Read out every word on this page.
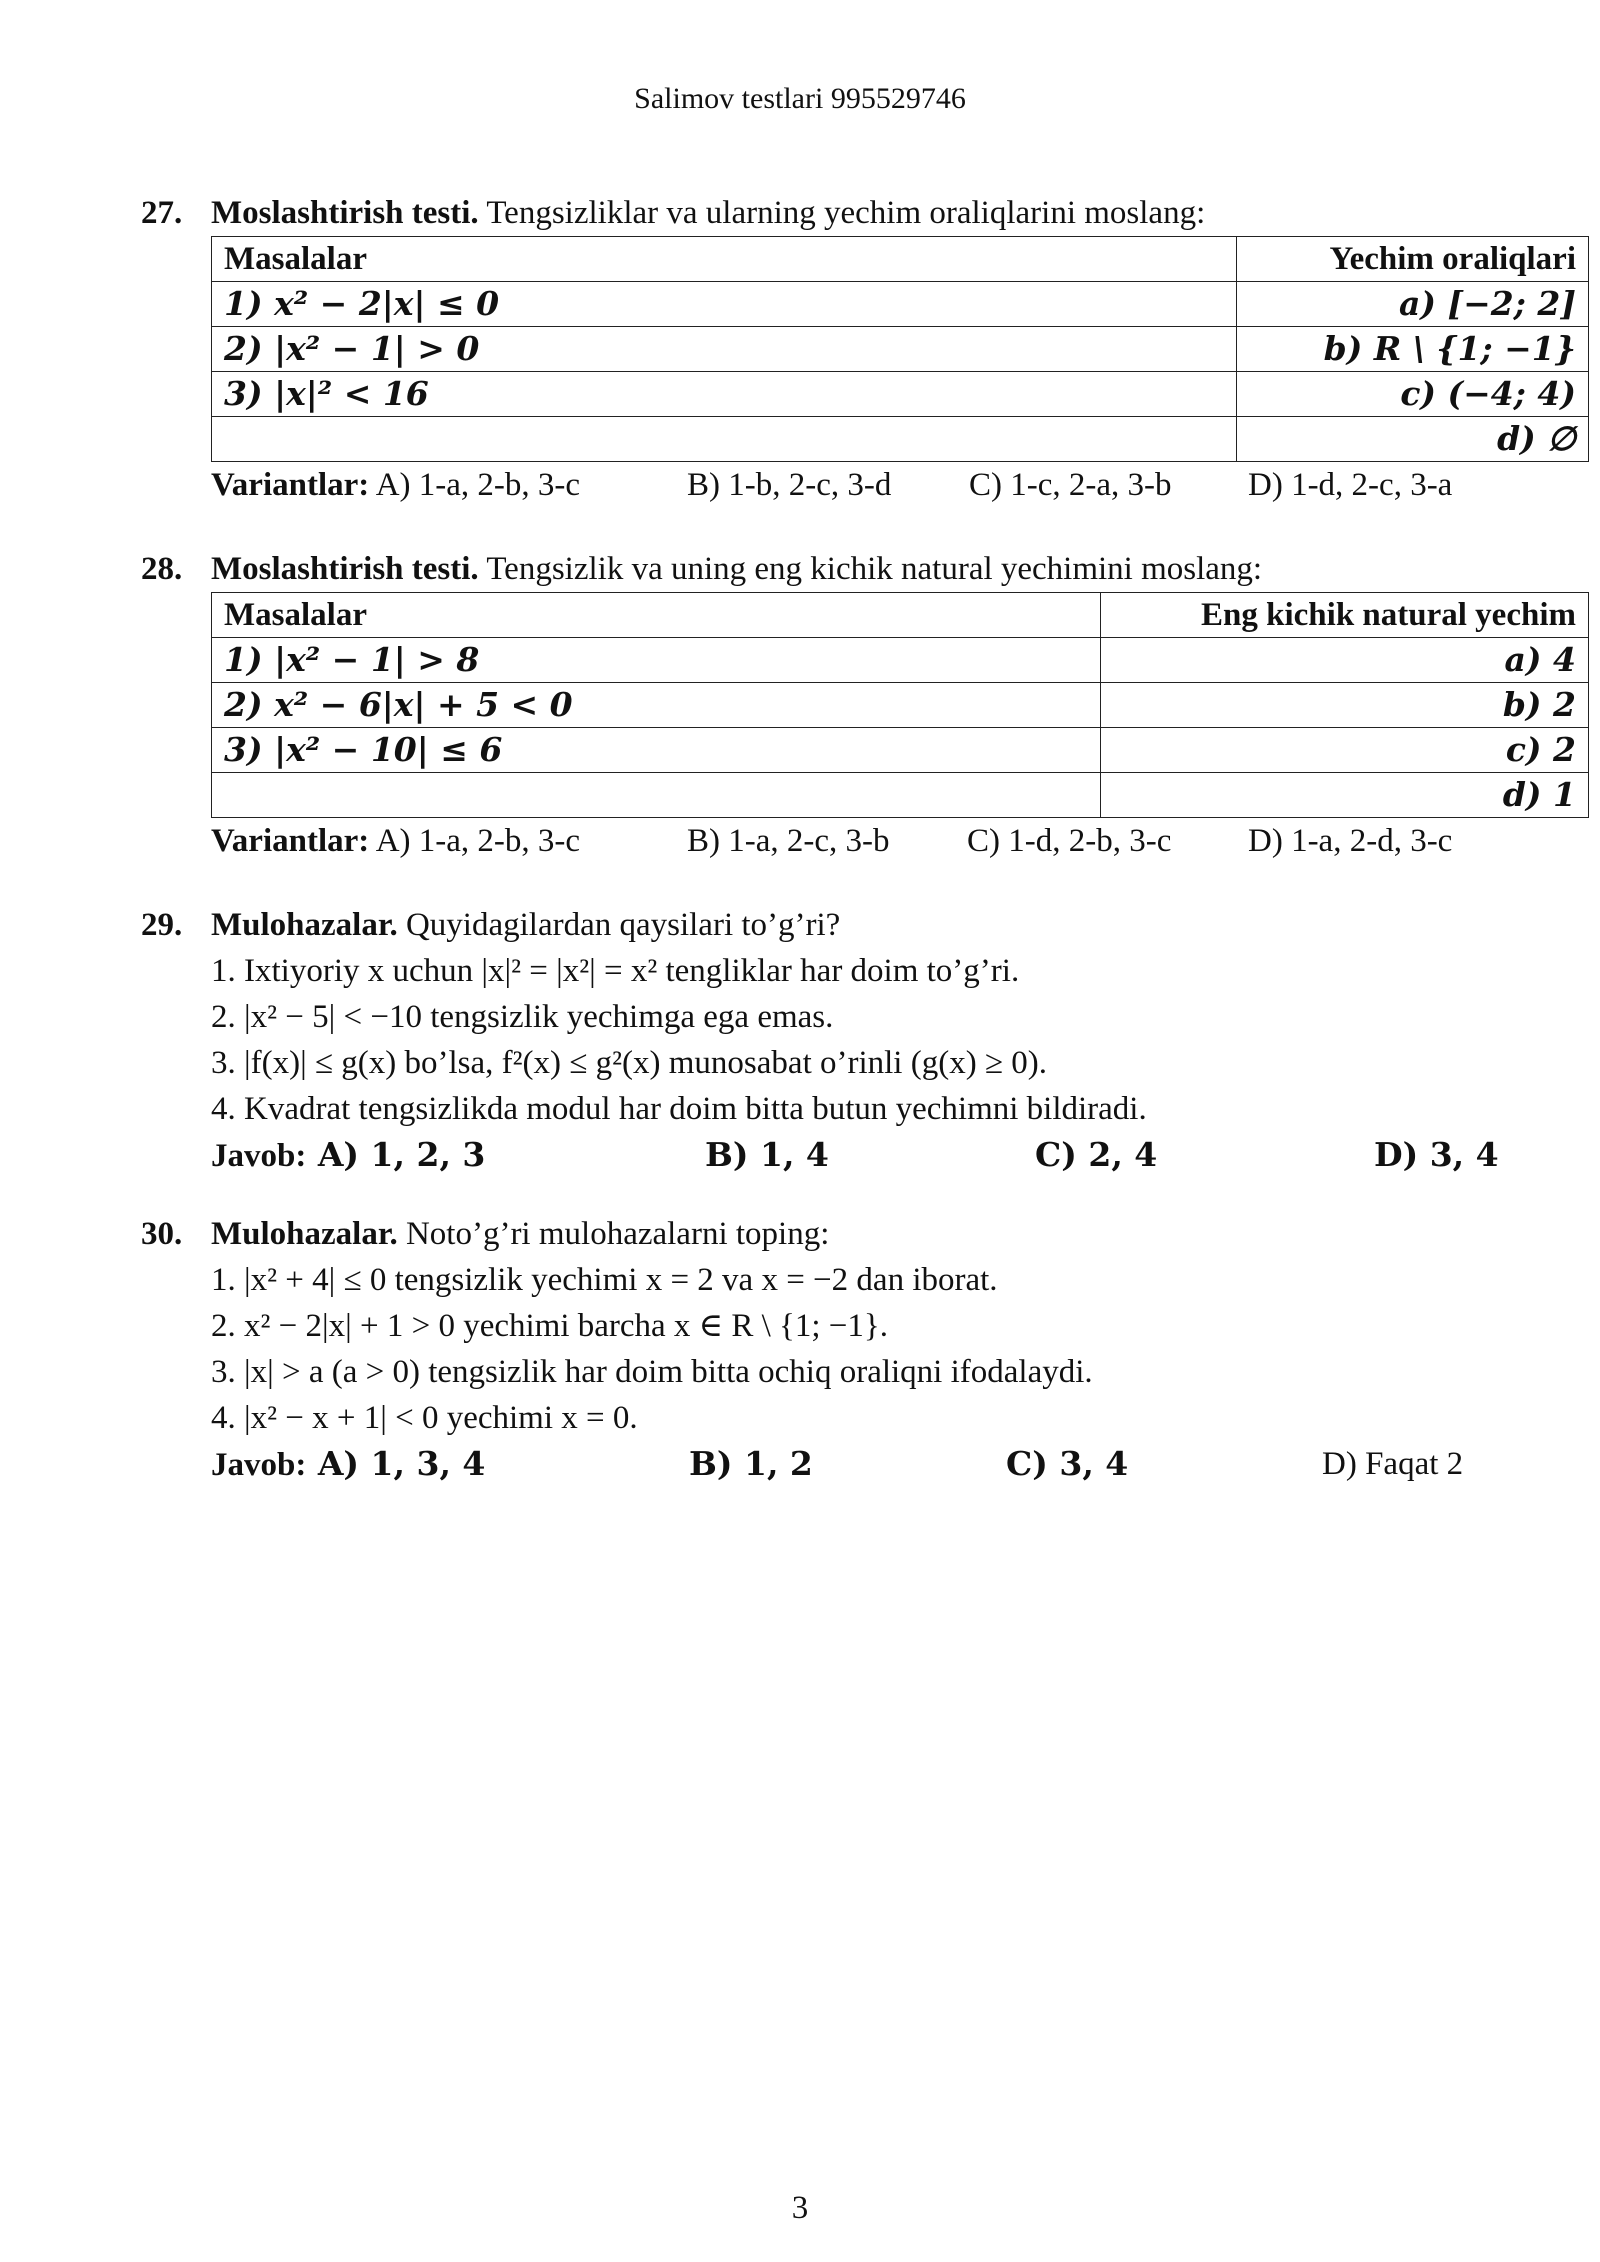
Salimov testlari 995529746
27. Moslashtirish testi. Tengsizliklar va ularning yechim oraliqlarini moslang:
Masalalar	Yechim oraliqlari
1) x² − 2|x| ≤ 0	a) [−2; 2]
2) |x² − 1| > 0	b) R \ {1; −1}
3) |x|² < 16	c) (−4; 4)
	d) ∅
Variantlar: A) 1-a, 2-b, 3-c	B) 1-b, 2-c, 3-d C) 1-c, 2-a, 3-b D) 1-d, 2-c, 3-a
28. Moslashtirish testi. Tengsizlik va uning eng kichik natural yechimini moslang:
Masalalar	Eng kichik natural yechim
1) |x² − 1| > 8	a) 4
2) x² − 6|x| + 5 < 0	b) 2
3) |x² − 10| ≤ 6	c) 2
	d) 1
Variantlar: A) 1-a, 2-b, 3-c	B) 1-a, 2-c, 3-b C) 1-d, 2-b, 3-c D) 1-a, 2-d, 3-c
29. Mulohazalar. Quyidagilardan qaysilari to’g’ri?
1. Ixtiyoriy x uchun |x|² = |x²| = x² tengliklar har doim to’g’ri.
2. |x² − 5| < −10 tengsizlik yechimga ega emas.
3. |f(x)| ≤ g(x) bo’lsa, f²(x) ≤ g²(x) munosabat o’rinli (g(x) ≥ 0).
4. Kvadrat tengsizlikda modul har doim bitta butun yechimni bildiradi.
Javob: A) 1, 2, 3	B) 1, 4	C) 2, 4	D) 3, 4
30. Mulohazalar. Noto’g’ri mulohazalarni toping:
1. |x² + 4| ≤ 0 tengsizlik yechimi x = 2 va x = −2 dan iborat.
2. x² − 2|x| + 1 > 0 yechimi barcha x ∈ R \ {1; −1}.
3. |x| > a (a > 0) tengsizlik har doim bitta ochiq oraliqni ifodalaydi.
4. |x² − x + 1| < 0 yechimi x = 0.
Javob: A) 1, 3, 4	B) 1, 2	C) 3, 4	D) Faqat 2
3
